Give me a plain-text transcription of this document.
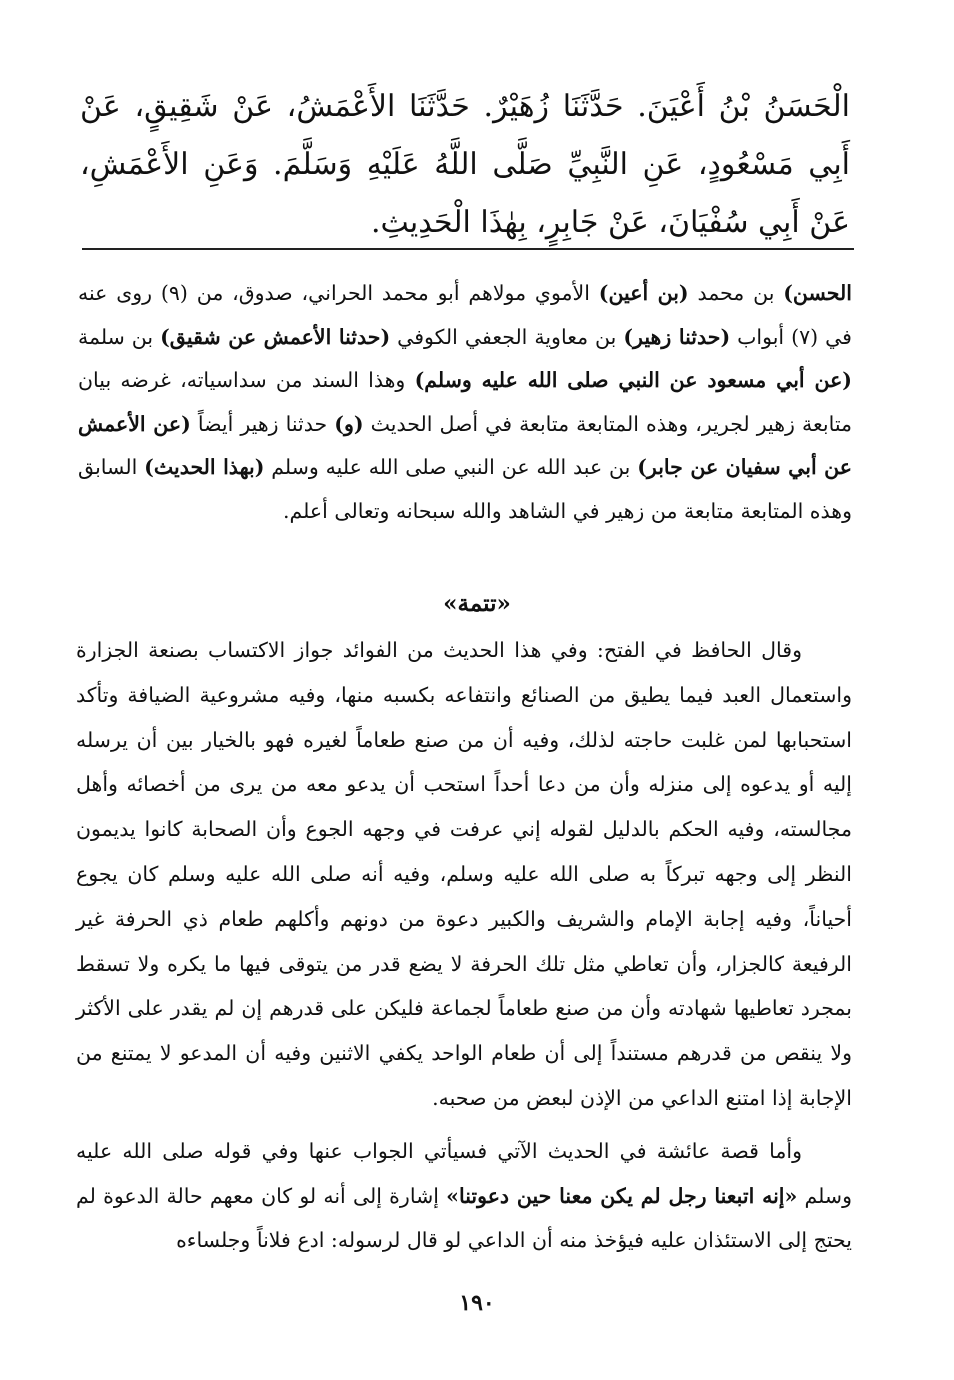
الْحَسَنُ بْنُ أَعْيَنَ. حَدَّثَنَا زُهَيْرٌ. حَدَّثَنَا الأَعْمَشُ، عَنْ شَقِيقٍ، عَنْ أَبِي مَسْعُودٍ، عَنِ النَّبِيِّ صَلَّى اللَّهُ عَلَيْهِ وَسَلَّمَ. وَعَنِ الأَعْمَشِ، عَنْ أَبِي سُفْيَانَ، عَنْ جَابِرٍ، بِهٰذَا الْحَدِيثِ.
الحسن) بن محمد (بن أعين) الأموي مولاهم أبو محمد الحراني، صدوق، من (٩) روى عنه في (٧) أبواب (حدثنا زهير) بن معاوية الجعفي الكوفي (حدثنا الأعمش عن شقيق) بن سلمة (عن أبي مسعود عن النبي صلى الله عليه وسلم) وهذا السند من سداسياته، غرضه بيان متابعة زهير لجرير، وهذه المتابعة متابعة في أصل الحديث (و) حدثنا زهير أيضاً (عن الأعمش عن أبي سفيان عن جابر) بن عبد الله عن النبي صلى الله عليه وسلم (بهذا الحديث) السابق وهذه المتابعة متابعة من زهير في الشاهد والله سبحانه وتعالى أعلم.
«تتمة»

وقال الحافظ في الفتح: وفي هذا الحديث من الفوائد جواز الاكتساب بصنعة الجزارة واستعمال العبد فيما يطيق من الصنائع وانتفاعه بكسبه منها، وفيه مشروعية الضيافة وتأكد استحبابها لمن غلبت حاجته لذلك، وفيه أن من صنع طعاماً لغيره فهو بالخيار بين أن يرسله إليه أو يدعوه إلى منزله وأن من دعا أحداً استحب أن يدعو معه من يرى من أخصائه وأهل مجالسته، وفيه الحكم بالدليل لقوله إني عرفت في وجهه الجوع وأن الصحابة كانوا يديمون النظر إلى وجهه تبركاً به صلى الله عليه وسلم، وفيه أنه صلى الله عليه وسلم كان يجوع أحياناً، وفيه إجابة الإمام والشريف والكبير دعوة من دونهم وأكلهم طعام ذي الحرفة غير الرفيعة كالجزار، وأن تعاطي مثل تلك الحرفة لا يضع قدر من يتوقى فيها ما يكره ولا تسقط بمجرد تعاطيها شهادته وأن من صنع طعاماً لجماعة فليكن على قدرهم إن لم يقدر على الأكثر ولا ينقص من قدرهم مستنداً إلى أن طعام الواحد يكفي الاثنين وفيه أن المدعو لا يمتنع من الإجابة إذا امتنع الداعي من الإذن لبعض من صحبه.

وأما قصة عائشة في الحديث الآتي فسيأتي الجواب عنها وفي قوله صلى الله عليه وسلم «إنه اتبعنا رجل لم يكن معنا حين دعوتنا» إشارة إلى أنه لو كان معهم حالة الدعوة لم يحتج إلى الاستئذان عليه فيؤخذ منه أن الداعي لو قال لرسوله: ادع فلاناً وجلساءه

١٩٠
